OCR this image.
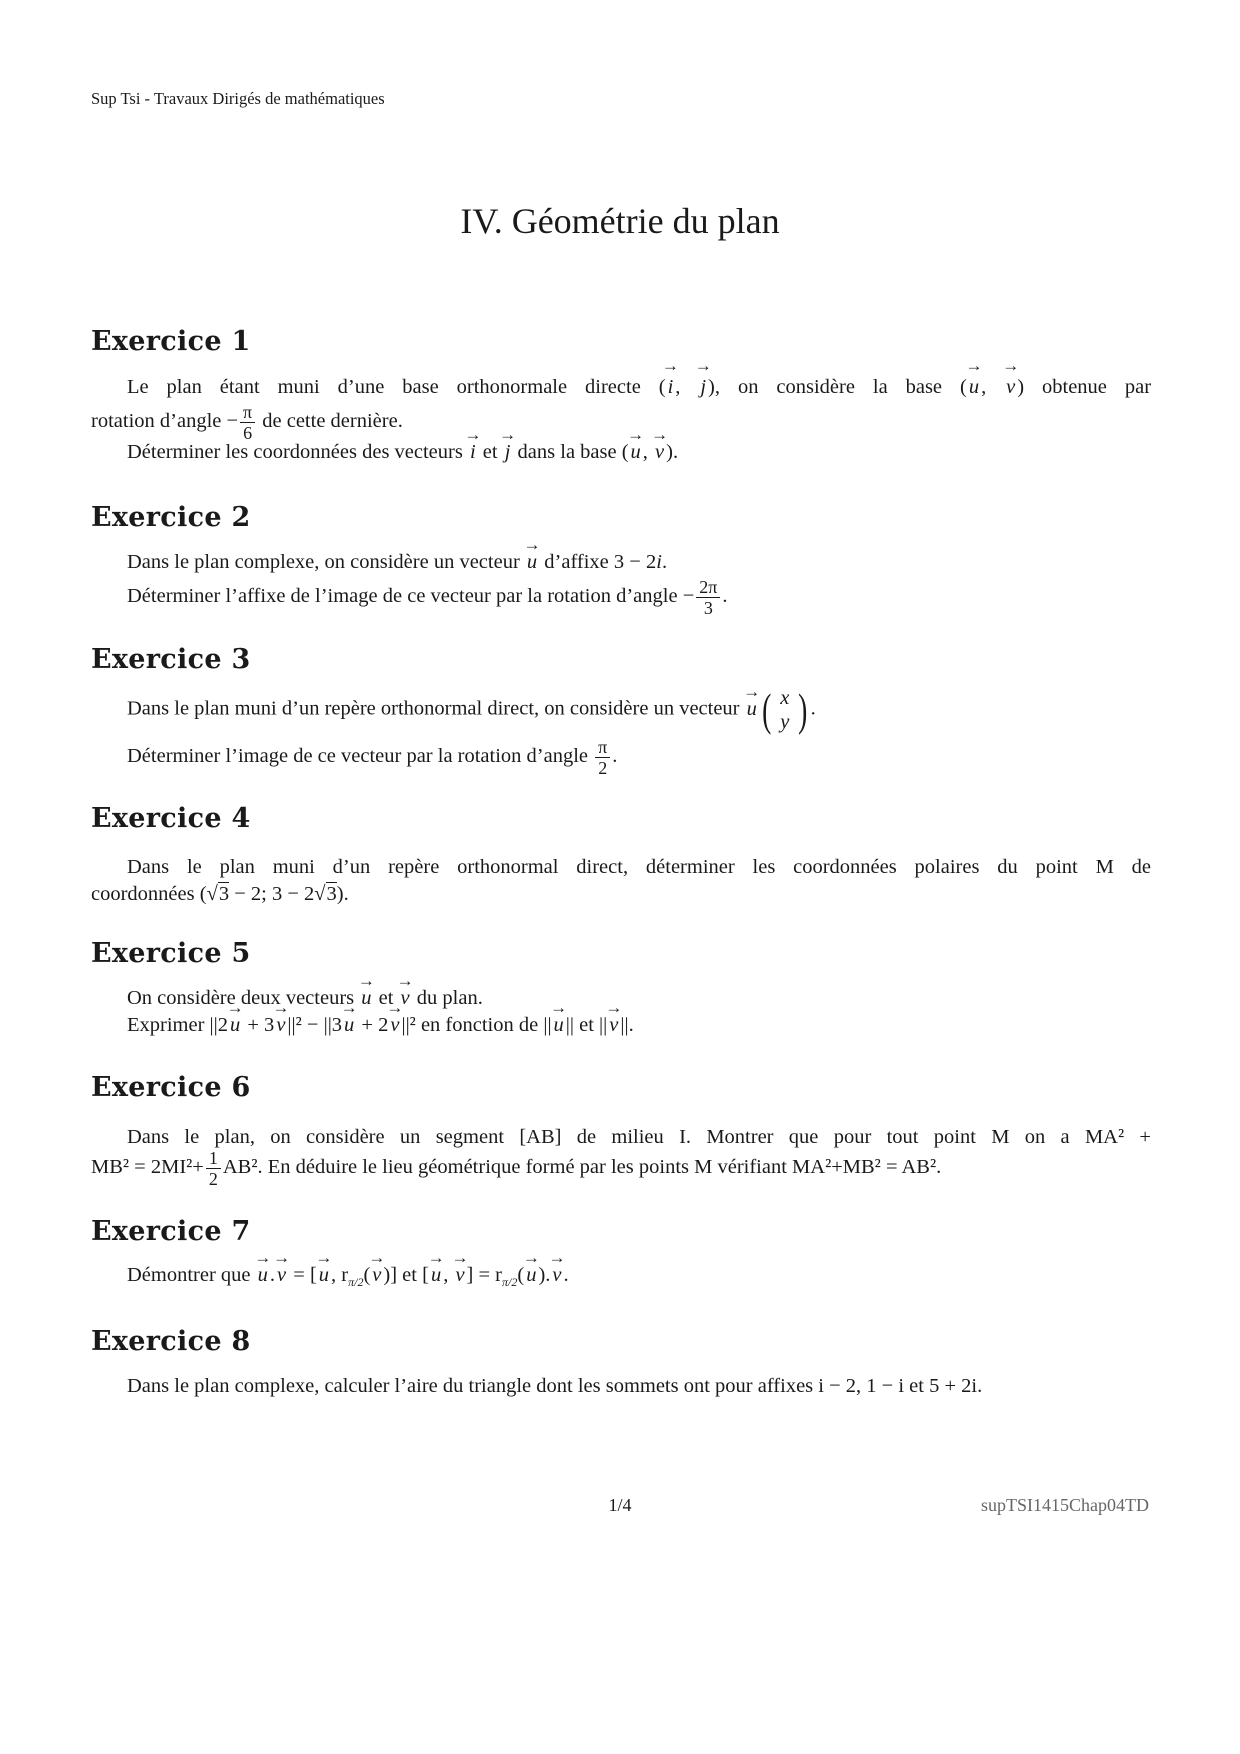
Sup Tsi - Travaux Dirigés de mathématiques
IV. Géométrie du plan
Exercice 1
Le plan étant muni d’une base orthonormale directe (→ i, → j), on considère la base (→ u, → v) obtenue par
rotation d’angle − $\frac{\pi}{6}$ de cette dernière.
Déterminer les coordonnées des vecteurs → i et → j dans la base (→ u, → v).
Exercice 2
Dans le plan complexe, on considère un vecteur → u d’affixe 3 − 2i.
Déterminer l’affixe de l’image de ce vecteur par la rotation d’angle − $\frac{2\pi}{3}$ .
Exercice 3
Dans le plan muni d’un repère orthonormal direct, on considère un vecteur → u ( x
y ) .
Déterminer l’image de ce vecteur par la rotation d’angle $\frac{\pi}{2}$ .
Exercice 4
Dans le plan muni d’un repère orthonormal direct, déterminer les coordonnées polaires du point M de
coordonnées (√3 − 2; 3 − 2√3).
Exercice 5
On considère deux vecteurs → u et → v du plan.
Exprimer ||2→ u + 3→ v||² − ||3→ u + 2→ v||² en fonction de ||→ u|| et ||→ v||.
Exercice 6
Dans le plan, on considère un segment [AB] de milieu I. Montrer que pour tout point M on a MA² +
$MB^2 = 2MI^2+ \frac{1}{2} AB^2$. En déduire le lieu géométrique formé par les points M vérifiant MA²+MB² = AB².
Exercice 7
Démontrer que → u.→ v = [→ u, $r_{\pi/2}(\to v)$] et [→ u, → $v] = r_{\pi/2}(\to u).\to v$.
Exercice 8
Dans le plan complexe, calculer l’aire du triangle dont les sommets ont pour affixes i − 2, 1 − i et 5 + 2i.
1/4	supTSI1415Chap04TD
